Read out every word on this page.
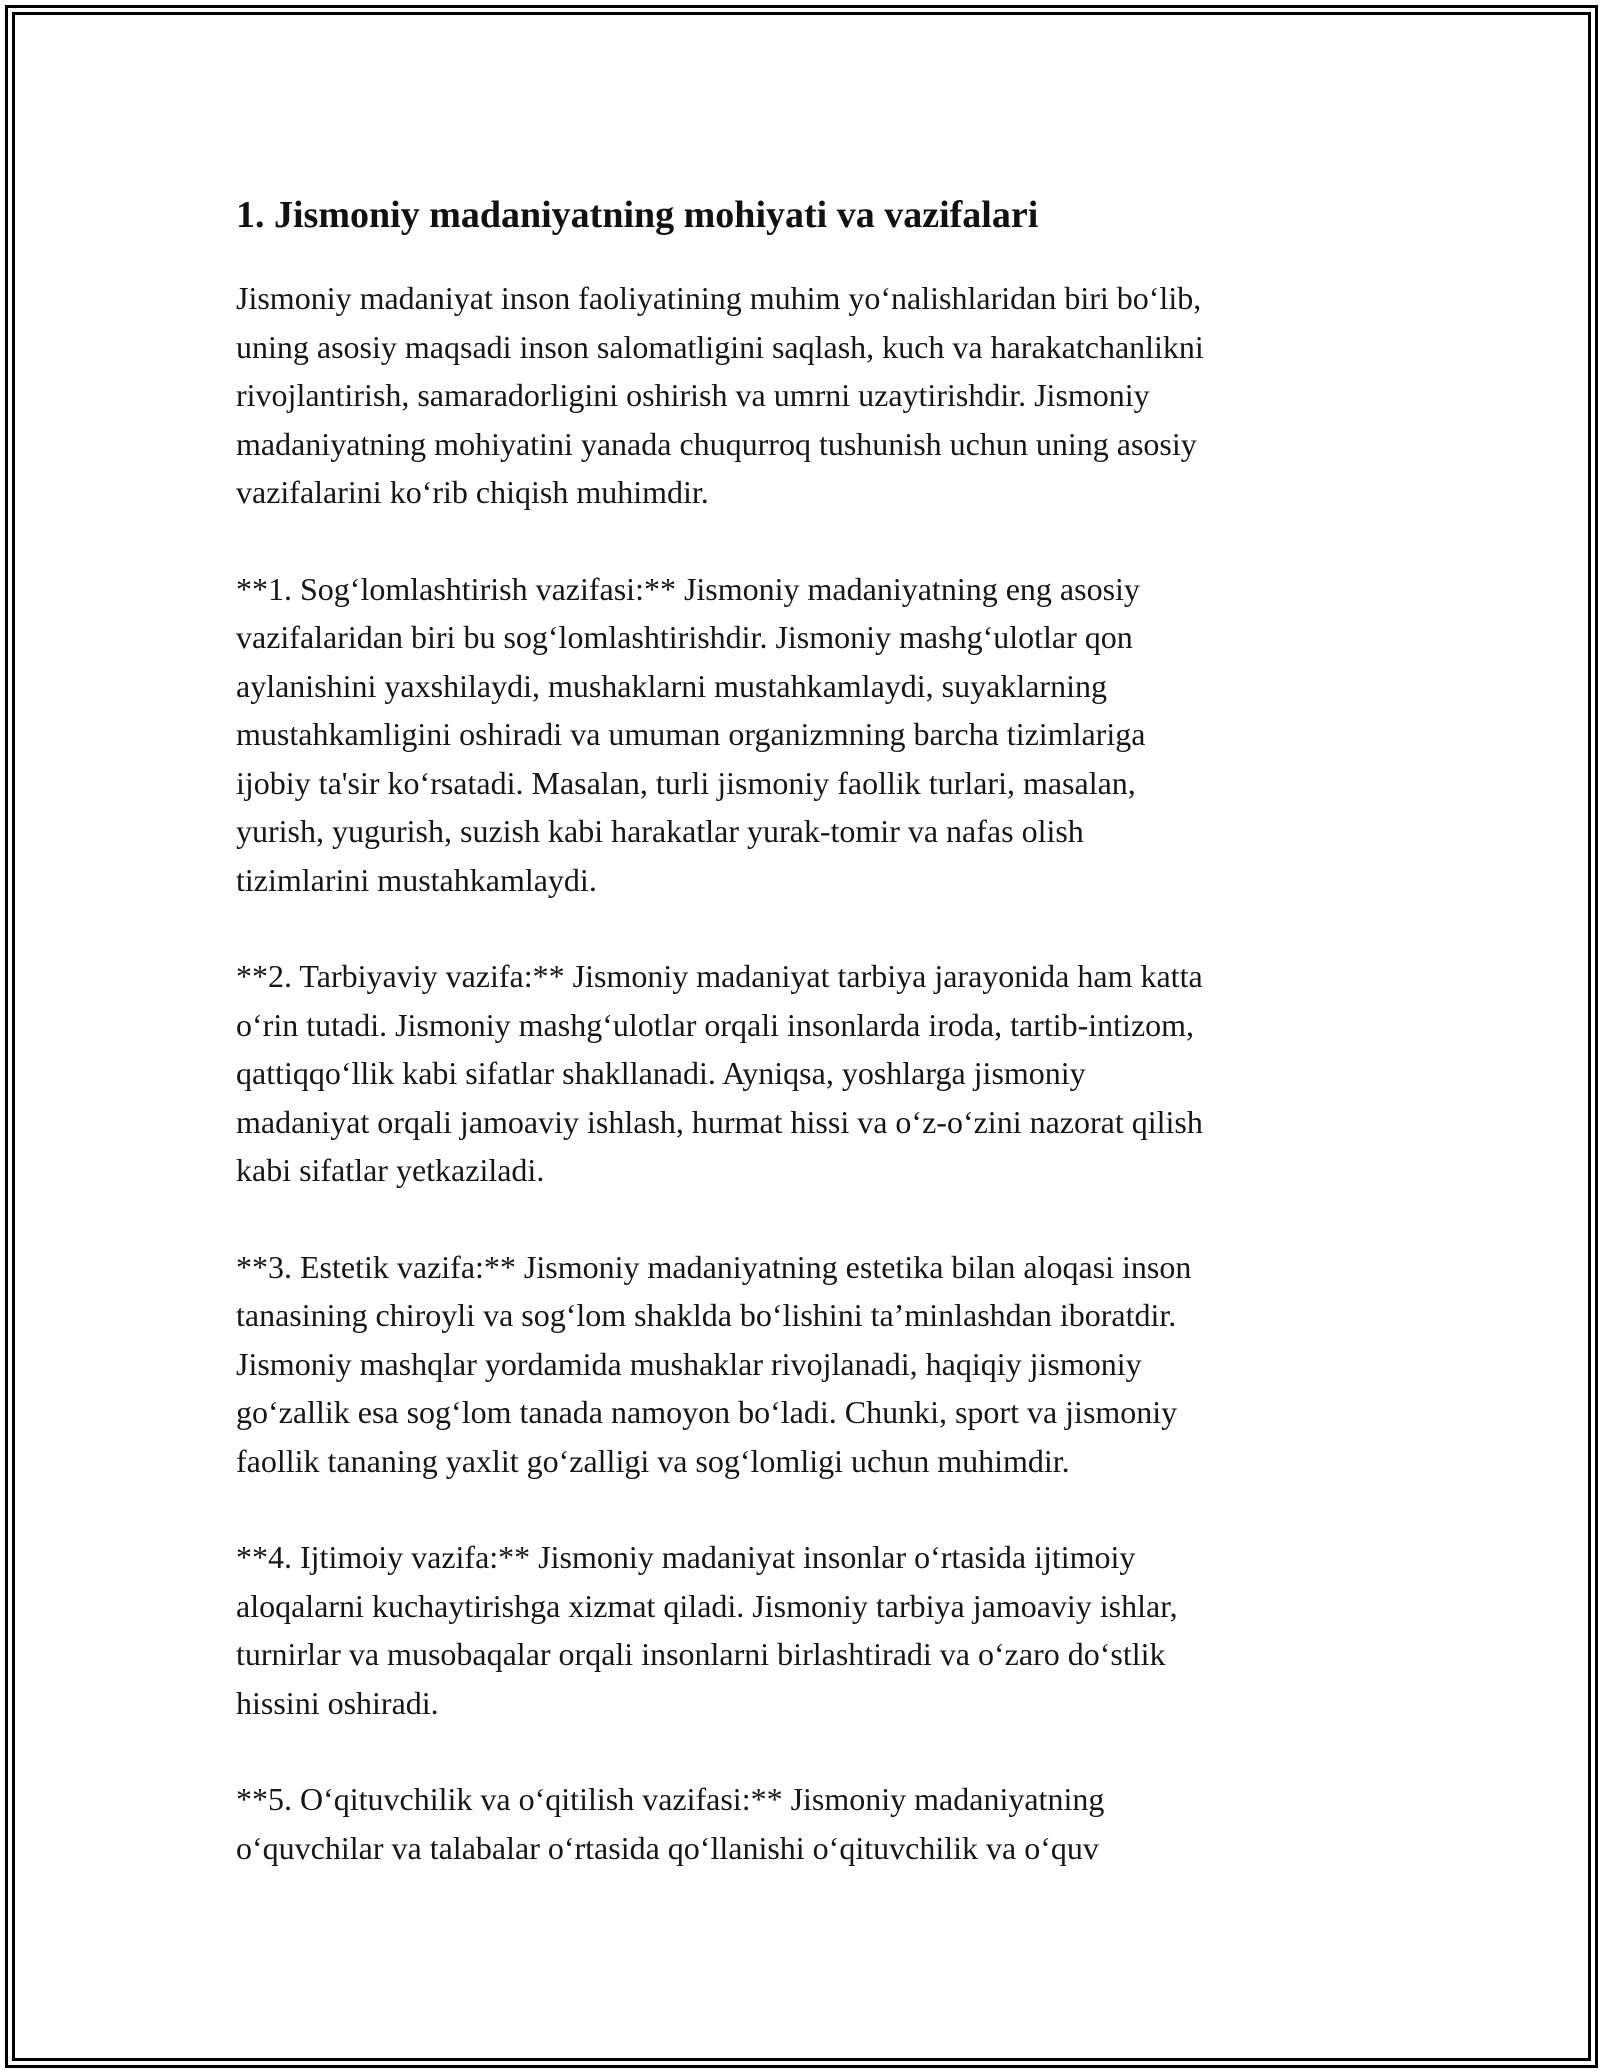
1. Jismoniy madaniyatning mohiyati va vazifalari

Jismoniy madaniyat inson faoliyatining muhim yo‘nalishlaridan biri bo‘lib,
uning asosiy maqsadi inson salomatligini saqlash, kuch va harakatchanlikni
rivojlantirish, samaradorligini oshirish va umrni uzaytirishdir. Jismoniy
madaniyatning mohiyatini yanada chuqurroq tushunish uchun uning asosiy
vazifalarini ko‘rib chiqish muhimdir.

**1. Sog‘lomlashtirish vazifasi:** Jismoniy madaniyatning eng asosiy
vazifalaridan biri bu sog‘lomlashtirishdir. Jismoniy mashg‘ulotlar qon
aylanishini yaxshilaydi, mushaklarni mustahkamlaydi, suyaklarning
mustahkamligini oshiradi va umuman organizmning barcha tizimlariga
ijobiy ta'sir ko‘rsatadi. Masalan, turli jismoniy faollik turlari, masalan,
yurish, yugurish, suzish kabi harakatlar yurak-tomir va nafas olish
tizimlarini mustahkamlaydi.

**2. Tarbiyaviy vazifa:** Jismoniy madaniyat tarbiya jarayonida ham katta
o‘rin tutadi. Jismoniy mashg‘ulotlar orqali insonlarda iroda, tartib-intizom,
qattiqqo‘llik kabi sifatlar shakllanadi. Ayniqsa, yoshlarga jismoniy
madaniyat orqali jamoaviy ishlash, hurmat hissi va o‘z-o‘zini nazorat qilish
kabi sifatlar yetkaziladi.

**3. Estetik vazifa:** Jismoniy madaniyatning estetika bilan aloqasi inson
tanasining chiroyli va sog‘lom shaklda bo‘lishini ta’minlashdan iboratdir.
Jismoniy mashqlar yordamida mushaklar rivojlanadi, haqiqiy jismoniy
go‘zallik esa sog‘lom tanada namoyon bo‘ladi. Chunki, sport va jismoniy
faollik tananing yaxlit go‘zalligi va sog‘lomligi uchun muhimdir.

**4. Ijtimoiy vazifa:** Jismoniy madaniyat insonlar o‘rtasida ijtimoiy
aloqalarni kuchaytirishga xizmat qiladi. Jismoniy tarbiya jamoaviy ishlar,
turnirlar va musobaqalar orqali insonlarni birlashtiradi va o‘zaro do‘stlik
hissini oshiradi.

**5. O‘qituvchilik va o‘qitilish vazifasi:** Jismoniy madaniyatning
o‘quvchilar va talabalar o‘rtasida qo‘llanishi o‘qituvchilik va o‘quv
